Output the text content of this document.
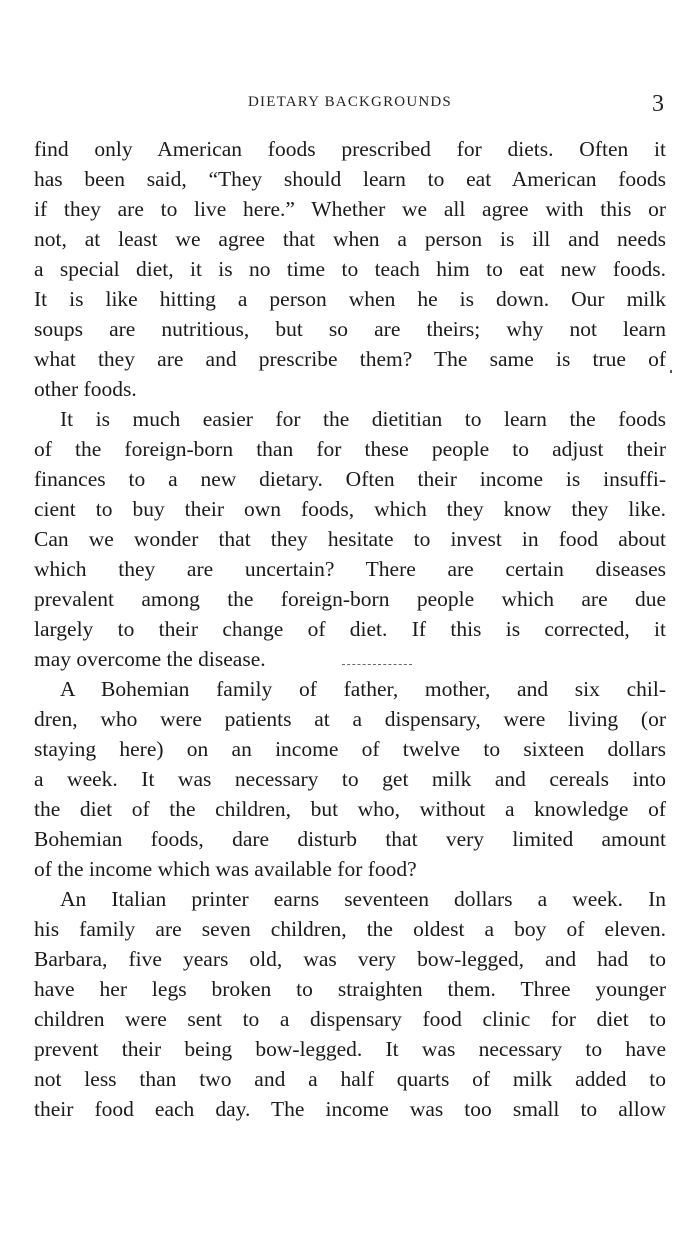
DIETARY BACKGROUNDS	3
find only American foods prescribed for diets. Often it
has been said, “They should learn to eat American foods
if they are to live here.” Whether we all agree with this or
not, at least we agree that when a person is ill and needs
a special diet, it is no time to teach him to eat new foods.
It is like hitting a person when he is down. Our milk
soups are nutritious, but so are theirs; why not learn
what they are and prescribe them? The same is true of
other foods.
It is much easier for the dietitian to learn the foods
of the foreign-born than for these people to adjust their
finances to a new dietary. Often their income is insuffi-
cient to buy their own foods, which they know they like.
Can we wonder that they hesitate to invest in food about
which they are uncertain? There are certain diseases
prevalent among the foreign-born people which are due
largely to their change of diet. If this is corrected, it
may overcome the disease.
A Bohemian family of father, mother, and six chil-
dren, who were patients at a dispensary, were living (or
staying here) on an income of twelve to sixteen dollars
a week. It was necessary to get milk and cereals into
the diet of the children, but who, without a knowledge of
Bohemian foods, dare disturb that very limited amount
of the income which was available for food?
An Italian printer earns seventeen dollars a week. In
his family are seven children, the oldest a boy of eleven.
Barbara, five years old, was very bow-legged, and had to
have her legs broken to straighten them. Three younger
children were sent to a dispensary food clinic for diet to
prevent their being bow-legged. It was necessary to have
not less than two and a half quarts of milk added to
their food each day. The income was too small to allow
